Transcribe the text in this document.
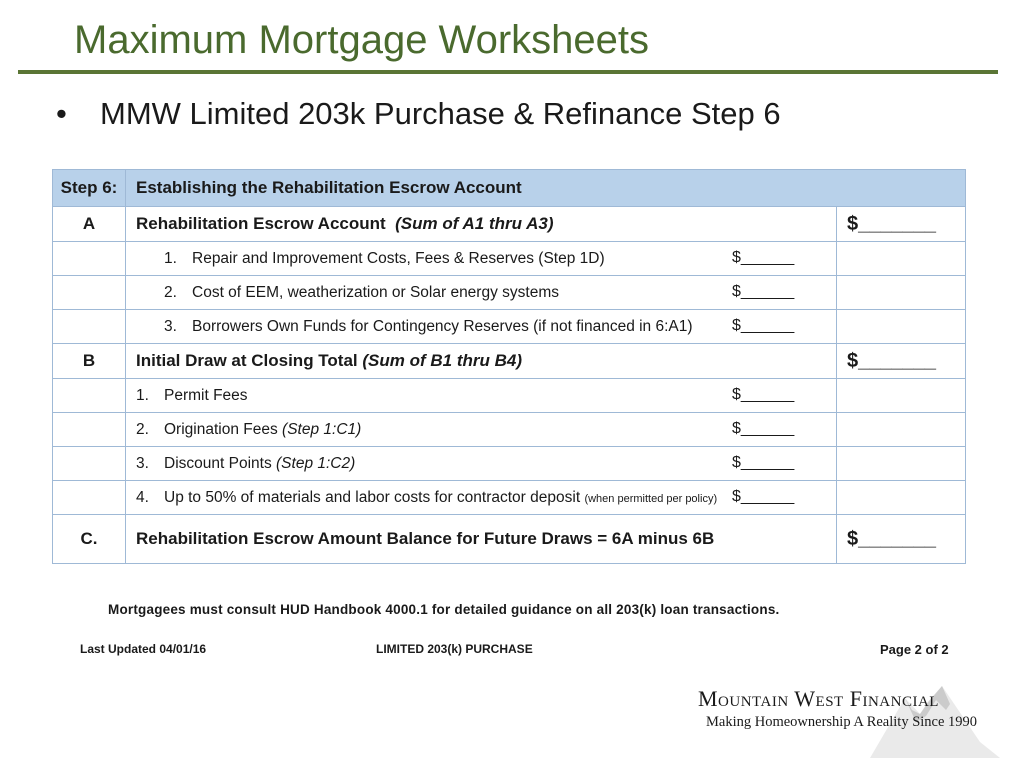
Maximum Mortgage Worksheets
• MMW Limited 203k Purchase & Refinance Step 6
Step 6:	Establishing the Rehabilitation Escrow Account	
A	Rehabilitation Escrow Account (Sum of A1 thru A3)	$_______
	1. Repair and Improvement Costs, Fees & Reserves (Step 1D) $______	

	2. Cost of EEM, weatherization or Solar energy systems $______	

	3. Borrowers Own Funds for Contingency Reserves (if not financed in 6:A1) $______	

B	Initial Draw at Closing Total (Sum of B1 thru B4)	$_______
	1. Permit Fees $______	

	2. Origination Fees (Step 1:C1) $______	

	3. Discount Points (Step 1:C2) $______	

	4. Up to 50% of materials and labor costs for contractor deposit (when permitted per policy) $______	

C.	Rehabilitation Escrow Amount Balance for Future Draws = 6A minus 6B	$_______
Mortgagees must consult HUD Handbook 4000.1 for detailed guidance on all 203(k) loan transactions.
Last Updated 04/01/16	LIMITED 203(k) PURCHASE	Page 2 of 2
Mountain West Financial
Making Homeownership A Reality Since 1990
